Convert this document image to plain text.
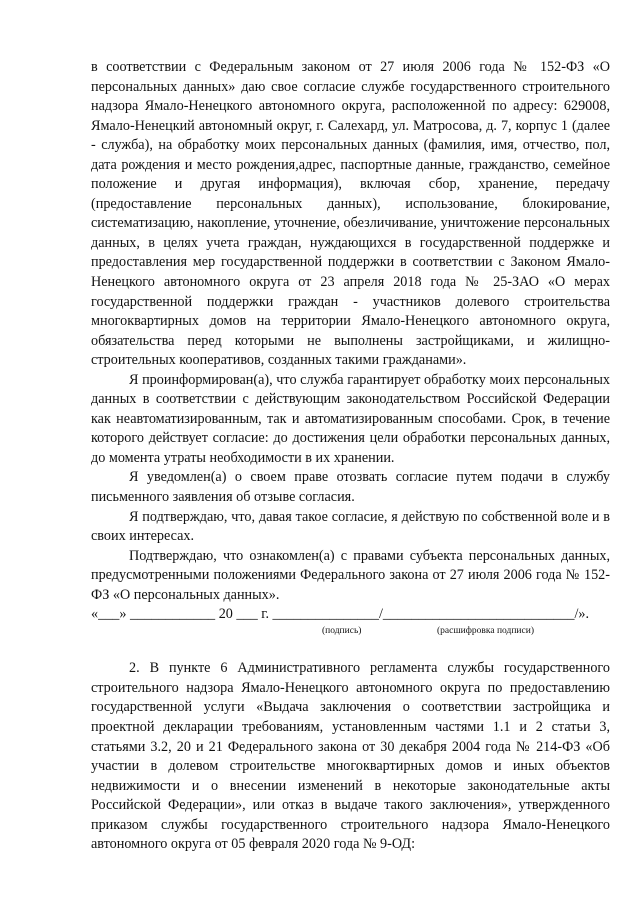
в соответствии с Федеральным законом от 27 июля 2006 года № 152-ФЗ «О персональных данных» даю свое согласие службе государственного строительного надзора Ямало-Ненецкого автономного округа, расположенной по адресу: 629008, Ямало-Ненецкий автономный округ, г. Салехард, ул. Матросова, д. 7, корпус 1 (далее - служба), на обработку моих персональных данных (фамилия, имя, отчество, пол, дата рождения и место рождения,адрес, паспортные данные, гражданство, семейное положение и другая информация), включая сбор, хранение, передачу (предоставление персональных данных), использование, блокирование, систематизацию, накопление, уточнение, обезличивание, уничтожение персональных данных, в целях учета граждан, нуждающихся в государственной поддержке и предоставления мер государственной поддержки в соответствии с Законом Ямало-Ненецкого автономного округа от 23 апреля 2018 года № 25-ЗАО «О мерах государственной поддержки граждан - участников долевого строительства многоквартирных домов на территории Ямало-Ненецкого автономного округа, обязательства перед которыми не выполнены застройщиками, и жилищно-строительных кооперативов, созданных такими гражданами».

Я проинформирован(а), что служба гарантирует обработку моих персональных данных в соответствии с действующим законодательством Российской Федерации как неавтоматизированным, так и автоматизированным способами. Срок, в течение которого действует согласие: до достижения цели обработки персональных данных, до момента утраты необходимости в их хранении.

Я уведомлен(а) о своем праве отозвать согласие путем подачи в службу письменного заявления об отзыве согласия.

Я подтверждаю, что, давая такое согласие, я действую по собственной воле и в своих интересах.

Подтверждаю, что ознакомлен(а) с правами субъекта персональных данных, предусмотренными положениями Федерального закона от 27 июля 2006 года № 152-ФЗ «О персональных данных».

«___» ____________ 20 ___ г. _______________/___________________________/».

(подпись)	(расшифровка подписи)

2. В пункте 6 Административного регламента службы государственного строительного надзора Ямало-Ненецкого автономного округа по предоставлению государственной услуги «Выдача заключения о соответствии застройщика и проектной декларации требованиям, установленным частями 1.1 и 2 статьи 3, статьями 3.2, 20 и 21 Федерального закона от 30 декабря 2004 года № 214-ФЗ «Об участии в долевом строительстве многоквартирных домов и иных объектов недвижимости и о внесении изменений в некоторые законодательные акты Российской Федерации», или отказ в выдаче такого заключения», утвержденного приказом службы государственного строительного надзора Ямало-Ненецкого автономного округа от 05 февраля 2020 года № 9-ОД:
